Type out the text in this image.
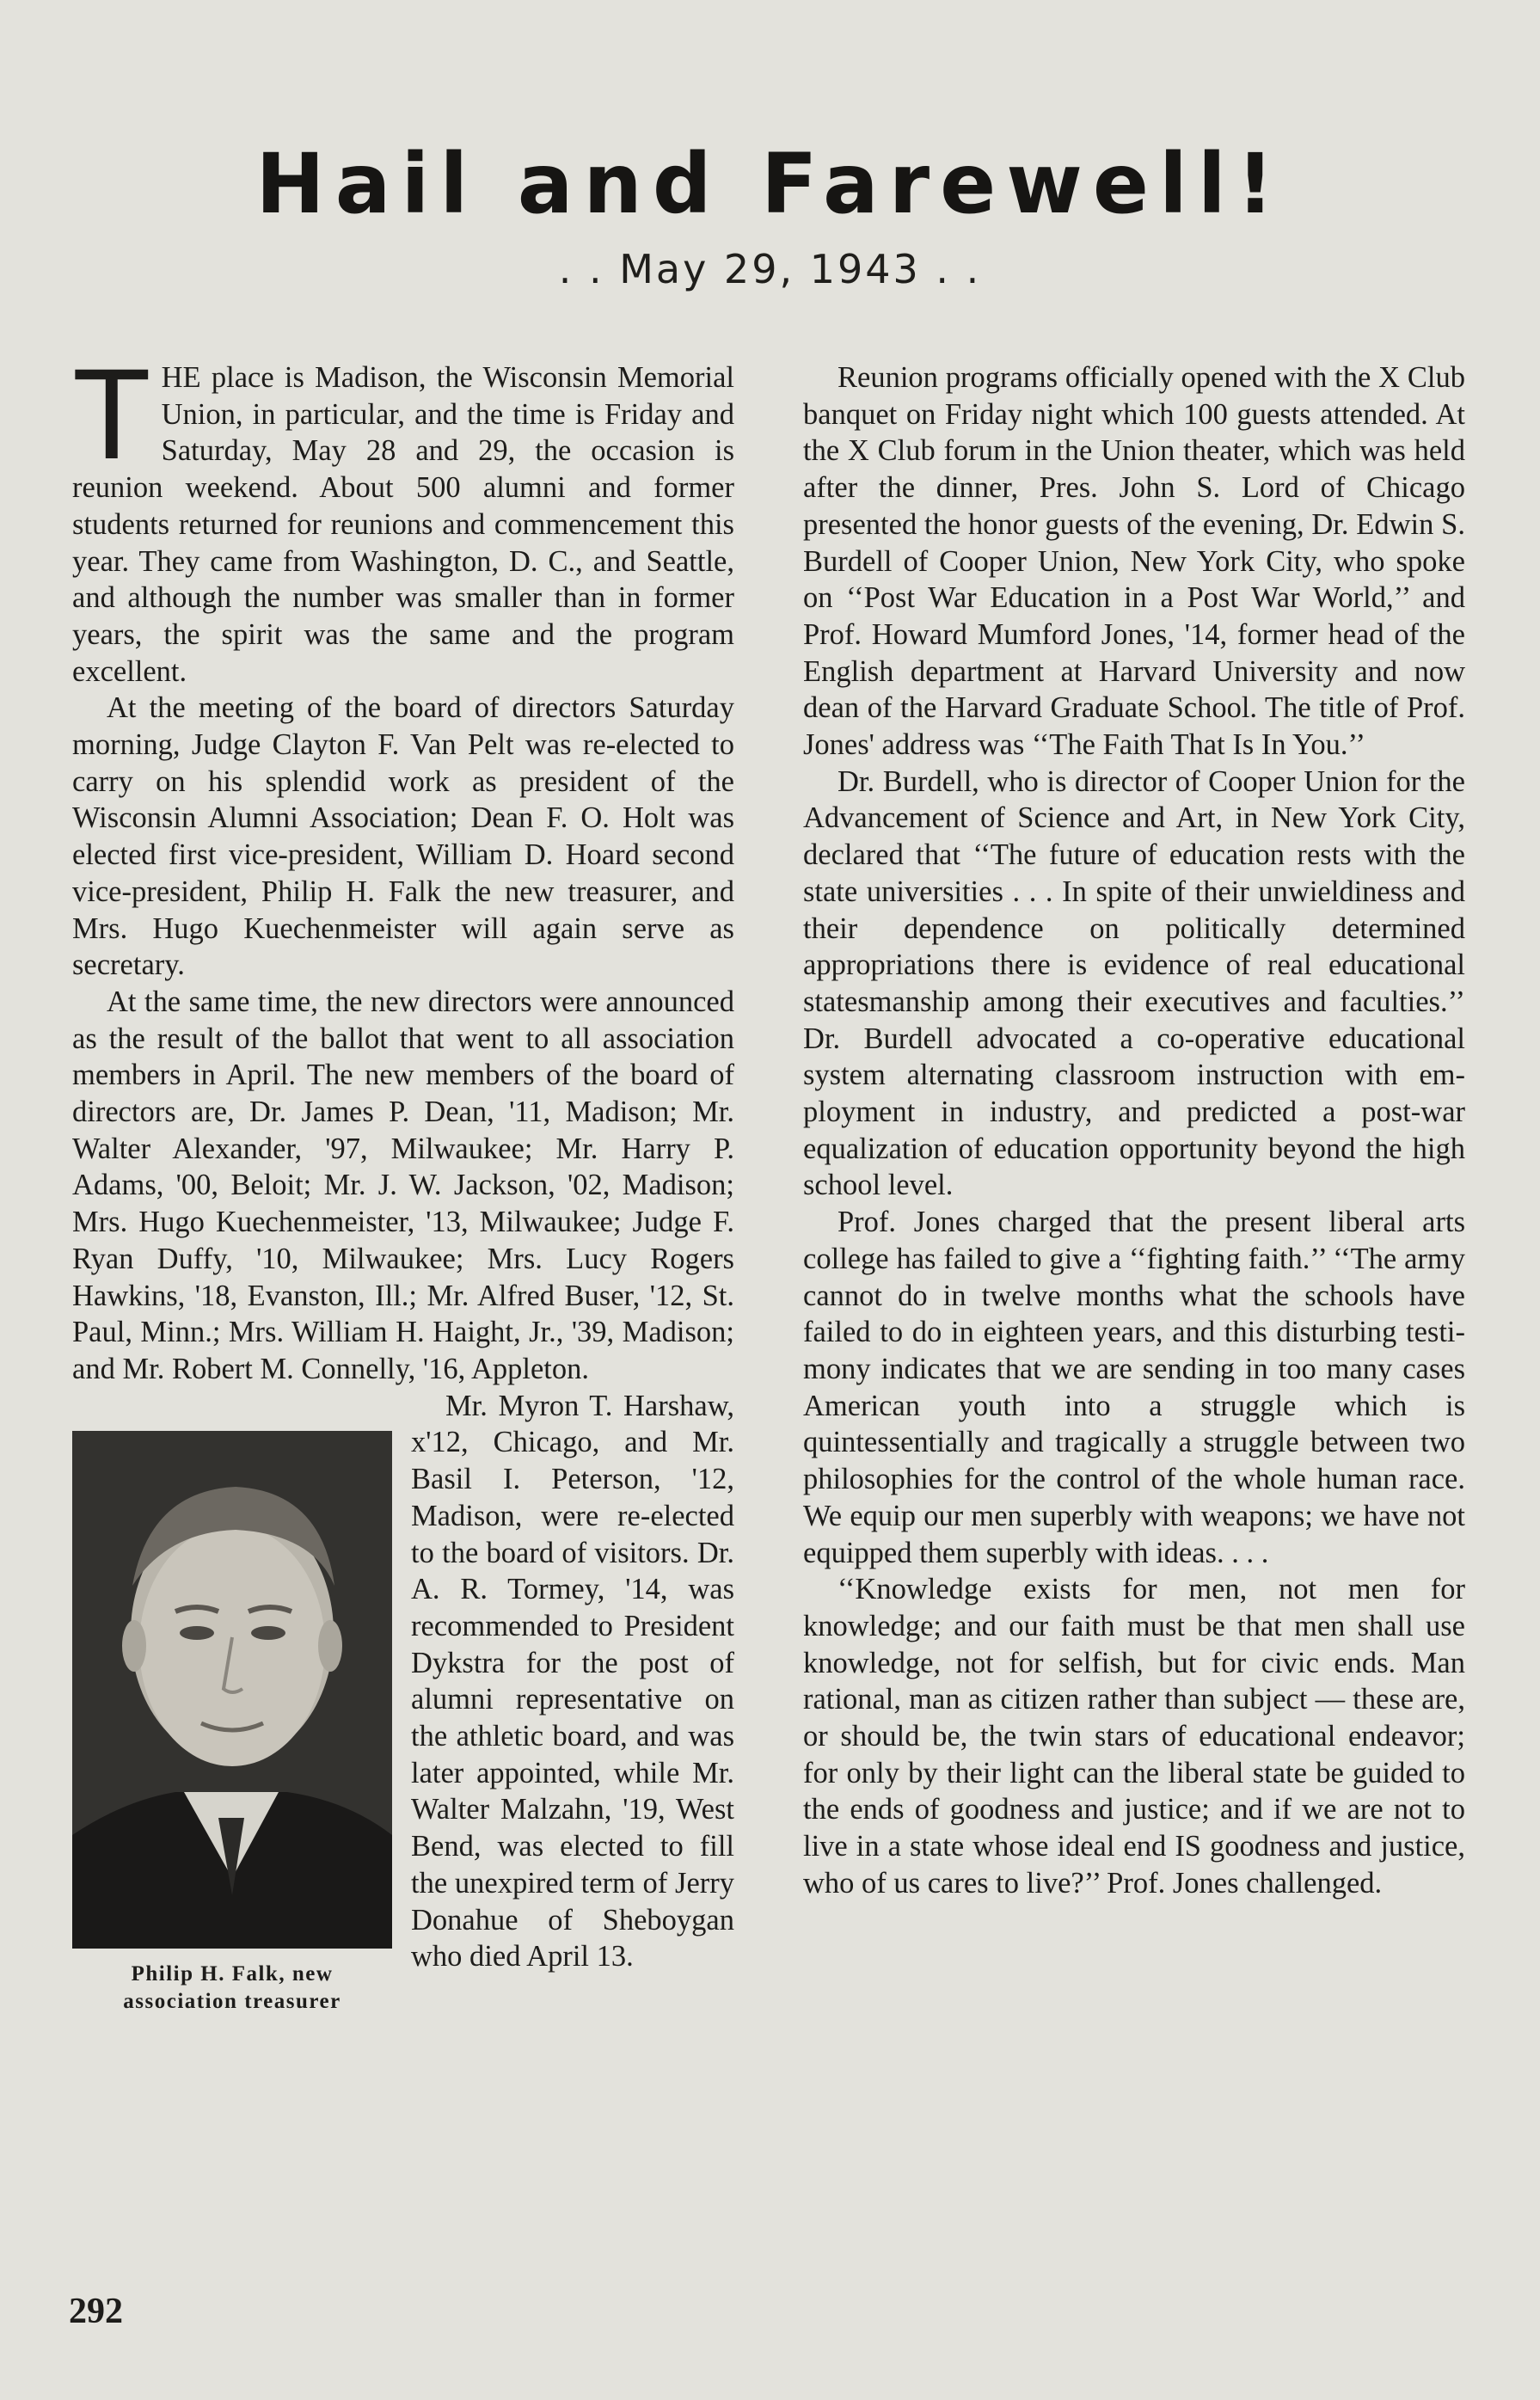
Hail and Farewell!
. . May 29, 1943 . .

THE place is Madison, the Wisconsin Memorial Union, in particular, and the time is Friday and Saturday, May 28 and 29, the occasion is reunion weekend. About 500 alumni and former students returned for reunions and commencement this year. They came from Washington, D. C., and Seattle, and although the number was smaller than in former years, the spirit was the same and the program excellent.

At the meeting of the board of directors Saturday morning, Judge Clayton F. Van Pelt was re-elected to carry on his splendid work as president of the Wisconsin Alumni Association; Dean F. O. Holt was elected first vice-president, William D. Hoard second vice-president, Philip H. Falk the new treasurer, and Mrs. Hugo Kuechenmeister will again serve as secretary.

At the same time, the new directors were announced as the result of the ballot that went to all association members in April. The new members of the board of directors are, Dr. James P. Dean, '11, Madison; Mr. Walter Alexander, '97, Milwaukee; Mr. Harry P. Adams, '00, Beloit; Mr. J. W. Jackson, '02, Madison; Mrs. Hugo Kuechenmeister, '13, Milwaukee; Judge F. Ryan Duffy, '10, Milwaukee; Mrs. Lucy Rogers Hawkins, '18, Evanston, Ill.; Mr. Alfred Buser, '12, St. Paul, Minn.; Mrs. William H. Haight, Jr., '39, Madison; and Mr. Robert M. Connelly, '16, Appleton.

Philip H. Falk, new association treasurer

Mr. Myron T. Harshaw, x'12, Chicago, and Mr. Basil I. Peterson, '12, Madison, were re-elected to the board of visitors. Dr. A. R. Tormey, '14, was recommended to President Dykstra for the post of alumni representative on the athletic board, and was later appointed, while Mr. Walter Malzahn, '19, West Bend, was elected to fill the unexpired term of Jerry Donahue of Sheboygan who died April 13.

Reunion programs officially opened with the X Club banquet on Friday night which 100 guests attended. At the X Club forum in the Union theater, which was held after the dinner, Pres. John S. Lord of Chicago presented the honor guests of the evening, Dr. Edwin S. Burdell of Cooper Union, New York City, who spoke on ‘‘Post War Education in a Post War World,’’ and Prof. Howard Mumford Jones, '14, former head of the English department at Harvard University and now dean of the Harvard Graduate School. The title of Prof. Jones' address was ‘‘The Faith That Is In You.’’

Dr. Burdell, who is director of Cooper Union for the Advancement of Science and Art, in New York City, declared that ‘‘The future of education rests with the state universities . . . In spite of their unwieldiness and their dependence on politically determined appropriations there is evidence of real educational statesmanship among their executives and faculties.’’ Dr. Burdell advocated a co-operative educational system alternating classroom instruction with employment in industry, and predicted a post-war equalization of education opportunity beyond the high school level.

Prof. Jones charged that the present liberal arts college has failed to give a ‘‘fighting faith.’’ ‘‘The army cannot do in twelve months what the schools have failed to do in eighteen years, and this disturbing testimony indicates that we are sending in too many cases American youth into a struggle which is quintessentially and tragically a struggle between two philosophies for the control of the whole human race. We equip our men superbly with weapons; we have not equipped them superbly with ideas. . . .

‘‘Knowledge exists for men, not men for knowledge; and our faith must be that men shall use knowledge, not for selfish, but for civic ends. Man rational, man as citizen rather than subject — these are, or should be, the twin stars of educational endeavor; for only by their light can the liberal state be guided to the ends of goodness and justice; and if we are not to live in a state whose ideal end IS goodness and justice, who of us cares to live?’’ Prof. Jones challenged.

292
